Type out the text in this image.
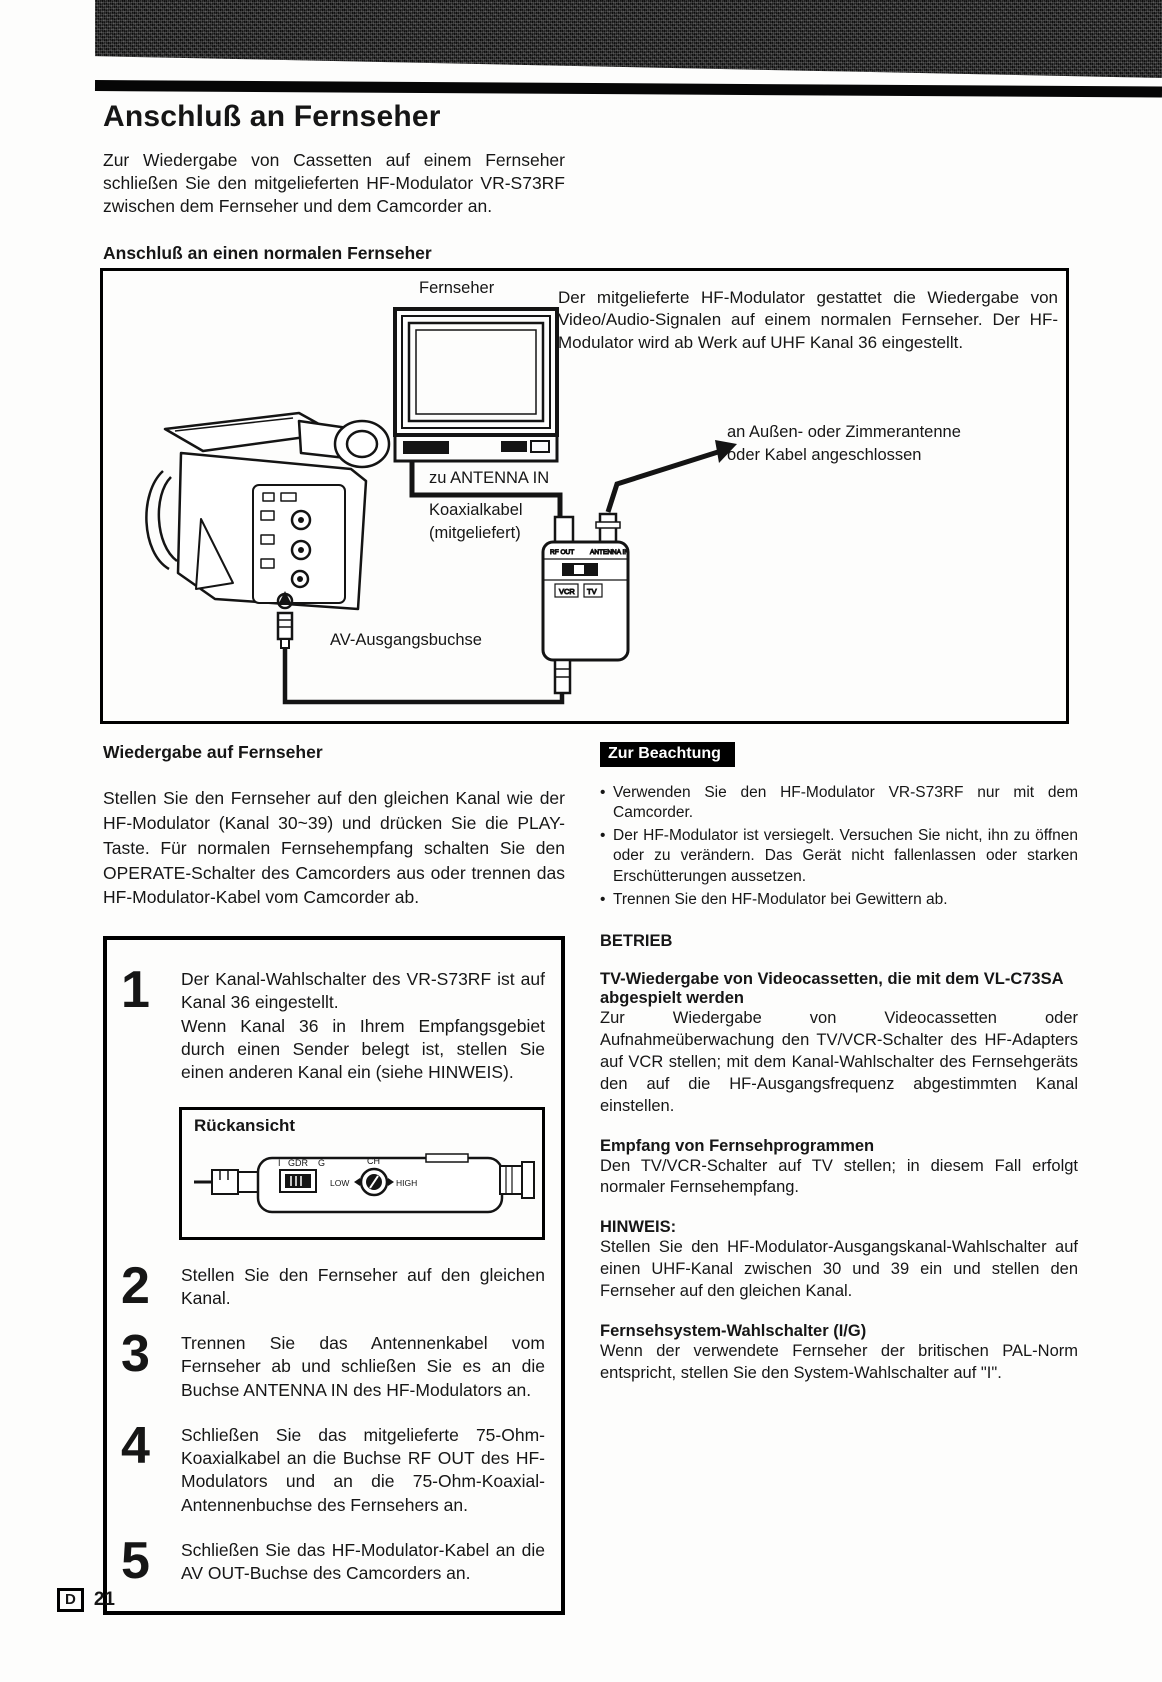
Anschluß an Fernseher

Zur Wiedergabe von Cassetten auf einem Fernseher schließen Sie den mitgelieferten HF-Modulator VR-S73RF zwischen dem Fernseher und dem Camcorder an.

Anschluß an einen normalen Fernseher
RF OUT ANTENNA IN
VCR TV
Fernseher	Der mitgelieferte HF-Modulator gestattet die Wiedergabe von Video/Audio-Signalen auf einem normalen Fernseher. Der HF-Modulator wird ab Werk auf UHF Kanal 36 eingestellt.
zu ANTENNA IN
Koaxialkabel
(mitgeliefert)
an Außen- oder Zimmerantenne
oder Kabel angeschlossen
AV-Ausgangsbuchse
Wiedergabe auf Fernseher
Stellen Sie den Fernseher auf den gleichen Kanal wie der HF-Modulator (Kanal 30~39) und drücken Sie die PLAY-Taste. Für normalen Fernsehempfang schalten Sie den OPERATE-Schalter des Camcorders aus oder trennen das HF-Modulator-Kabel vom Camcorder ab.
1	Der Kanal-Wahlschalter des VR-S73RF ist auf Kanal 36 eingestellt.
Wenn Kanal 36 in Ihrem Empfangsgebiet durch einen Sender belegt ist, stellen Sie einen anderen Kanal ein (siehe HINWEIS).
Rückansicht
I GDR G	CH
LOW	HIGH
2	Stellen Sie den Fernseher auf den gleichen Kanal.
3	Trennen Sie das Antennenkabel vom Fernseher ab und schließen Sie es an die Buchse ANTENNA IN des HF-Modulators an.
4	Schließen Sie das mitgelieferte 75-Ohm-Koaxialkabel an die Buchse RF OUT des HF-Modulators und an die 75-Ohm-Koaxial-Antennenbuchse des Fernsehers an.
5	Schließen Sie das HF-Modulator-Kabel an die AV OUT-Buchse des Camcorders an.
Zur Beachtung
• Verwenden Sie den HF-Modulator VR-S73RF nur mit dem Camcorder.
• Der HF-Modulator ist versiegelt. Versuchen Sie nicht, ihn zu öffnen oder zu verändern. Das Gerät nicht fallenlassen oder starken Erschütterungen aussetzen.
• Trennen Sie den HF-Modulator bei Gewittern ab.
BETRIEB
TV-Wiedergabe von Videocassetten, die mit dem VL-C73SA abgespielt werden
Zur Wiedergabe von Videocassetten oder Aufnahmeüberwachung den TV/VCR-Schalter des HF-Adapters auf VCR stellen; mit dem Kanal-Wahlschalter des Fernsehgeräts den auf die HF-Ausgangsfrequenz abgestimmten Kanal einstellen.
Empfang von Fernsehprogrammen
Den TV/VCR-Schalter auf TV stellen; in diesem Fall erfolgt normaler Fernsehempfang.
HINWEIS:
Stellen Sie den HF-Modulator-Ausgangskanal-Wahlschalter auf einen UHF-Kanal zwischen 30 und 39 ein und stellen den Fernseher auf den gleichen Kanal.
Fernsehsystem-Wahlschalter (I/G)
Wenn der verwendete Fernseher der britischen PAL-Norm entspricht, stellen Sie den System-Wahlschalter auf "I".
D 21
